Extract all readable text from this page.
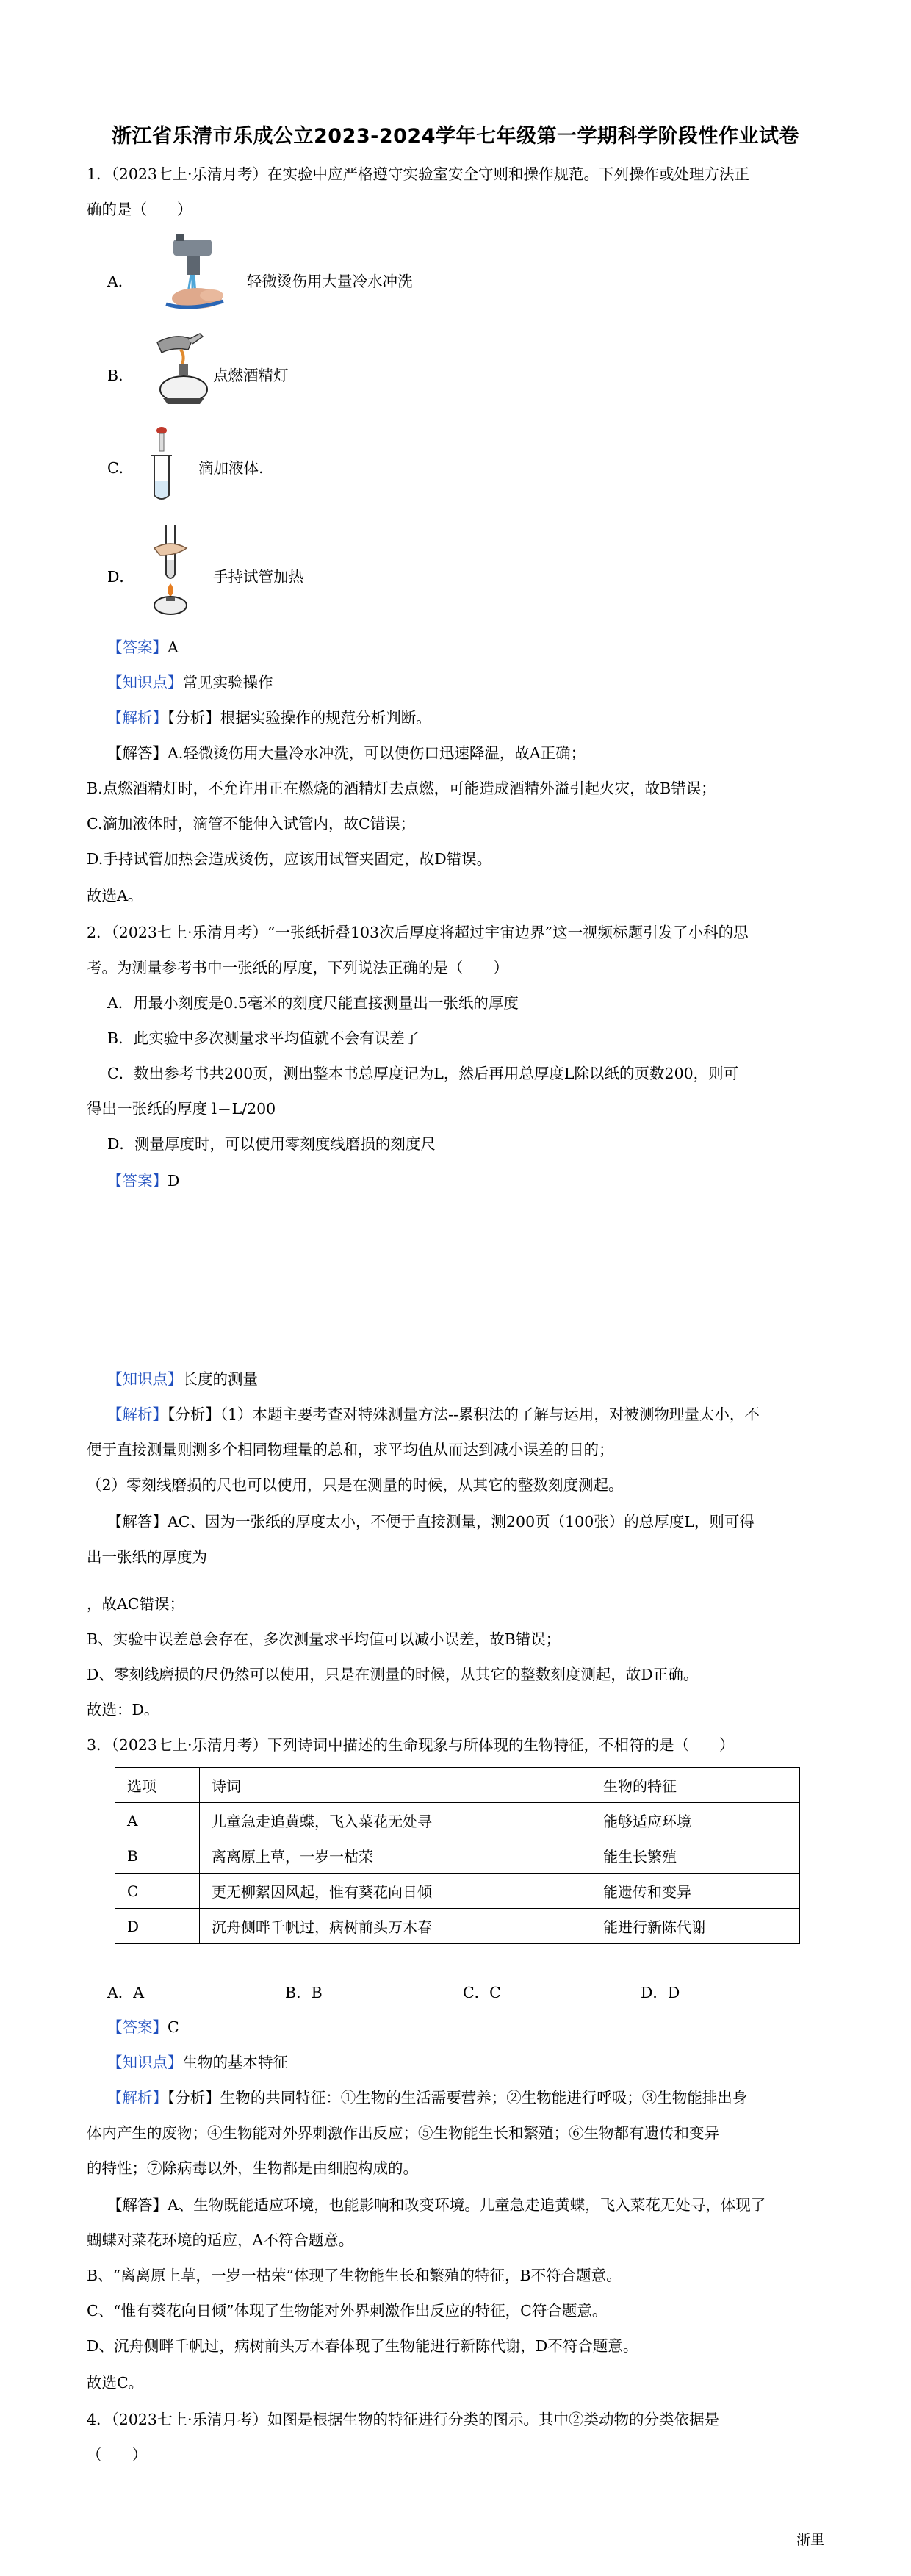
浙江省乐清市乐成公立2023-2024学年七年级第一学期科学阶段性作业试卷
1．（2023七上·乐清月考）在实验中应严格遵守实验室安全守则和操作规范。下列操作或处理方法正
确的是（　　）
A．	轻微烫伤用大量冷水冲洗
B．	点燃酒精灯
C．	滴加液体.
D．	手持试管加热
【答案】A
【知识点】常见实验操作
【解析】【分析】根据实验操作的规范分析判断。
【解答】A.轻微烫伤用大量冷水冲洗，可以使伤口迅速降温，故A正确；
B.点燃酒精灯时，不允许用正在燃烧的酒精灯去点燃，可能造成酒精外溢引起火灾，故B错误；
C.滴加液体时，滴管不能伸入试管内，故C错误；
D.手持试管加热会造成烫伤，应该用试管夹固定，故D错误。
故选A。
2．（2023七上·乐清月考）“一张纸折叠103次后厚度将超过宇宙边界”这一视频标题引发了小科的思
考。为测量参考书中一张纸的厚度，下列说法正确的是（　　）
A．用最小刻度是0.5毫米的刻度尺能直接测量出一张纸的厚度
B．此实验中多次测量求平均值就不会有误差了
C．数出参考书共200页，测出整本书总厚度记为L，然后再用总厚度L除以纸的页数200，则可
得出一张纸的厚度 l＝L/200
D．测量厚度时，可以使用零刻度线磨损的刻度尺
【答案】D
【知识点】长度的测量
【解析】【分析】（1）本题主要考查对特殊测量方法--累积法的了解与运用，对被测物理量太小，不
便于直接测量则测多个相同物理量的总和，求平均值从而达到减小误差的目的；
（2）零刻线磨损的尺也可以使用，只是在测量的时候，从其它的整数刻度测起。
【解答】AC、因为一张纸的厚度太小，不便于直接测量，测200页（100张）的总厚度L，则可得
出一张纸的厚度为
，故AC错误；
B、实验中误差总会存在，多次测量求平均值可以减小误差，故B错误；
D、零刻线磨损的尺仍然可以使用，只是在测量的时候，从其它的整数刻度测起，故D正确。
故选：D。
3．（2023七上·乐清月考）下列诗词中描述的生命现象与所体现的生物特征，不相符的是（　　）
选项	诗词	生物的特征
A	儿童急走追黄蝶，飞入菜花无处寻	能够适应环境
B	离离原上草，一岁一枯荣	能生长繁殖
C	更无柳絮因风起，惟有葵花向日倾	能遗传和变异
D	沉舟侧畔千帆过，病树前头万木春	能进行新陈代谢
A．A	B．B	C．C	D．D
【答案】C
【知识点】生物的基本特征
【解析】【分析】生物的共同特征：①生物的生活需要营养；②生物能进行呼吸；③生物能排出身
体内产生的废物；④生物能对外界刺激作出反应；⑤生物能生长和繁殖；⑥生物都有遗传和变异
的特性；⑦除病毒以外，生物都是由细胞构成的。
【解答】A、生物既能适应环境，也能影响和改变环境。儿童急走追黄蝶，飞入菜花无处寻，体现了
蝴蝶对菜花环境的适应，A不符合题意。
B、“离离原上草，一岁一枯荣”体现了生物能生长和繁殖的特征，B不符合题意。
C、“惟有葵花向日倾”体现了生物能对外界刺激作出反应的特征，C符合题意。
D、沉舟侧畔千帆过，病树前头万木春体现了生物能进行新陈代谢，D不符合题意。
故选C。
4．（2023七上·乐清月考）如图是根据生物的特征进行分类的图示。其中②类动物的分类依据是
（　　）
浙里
